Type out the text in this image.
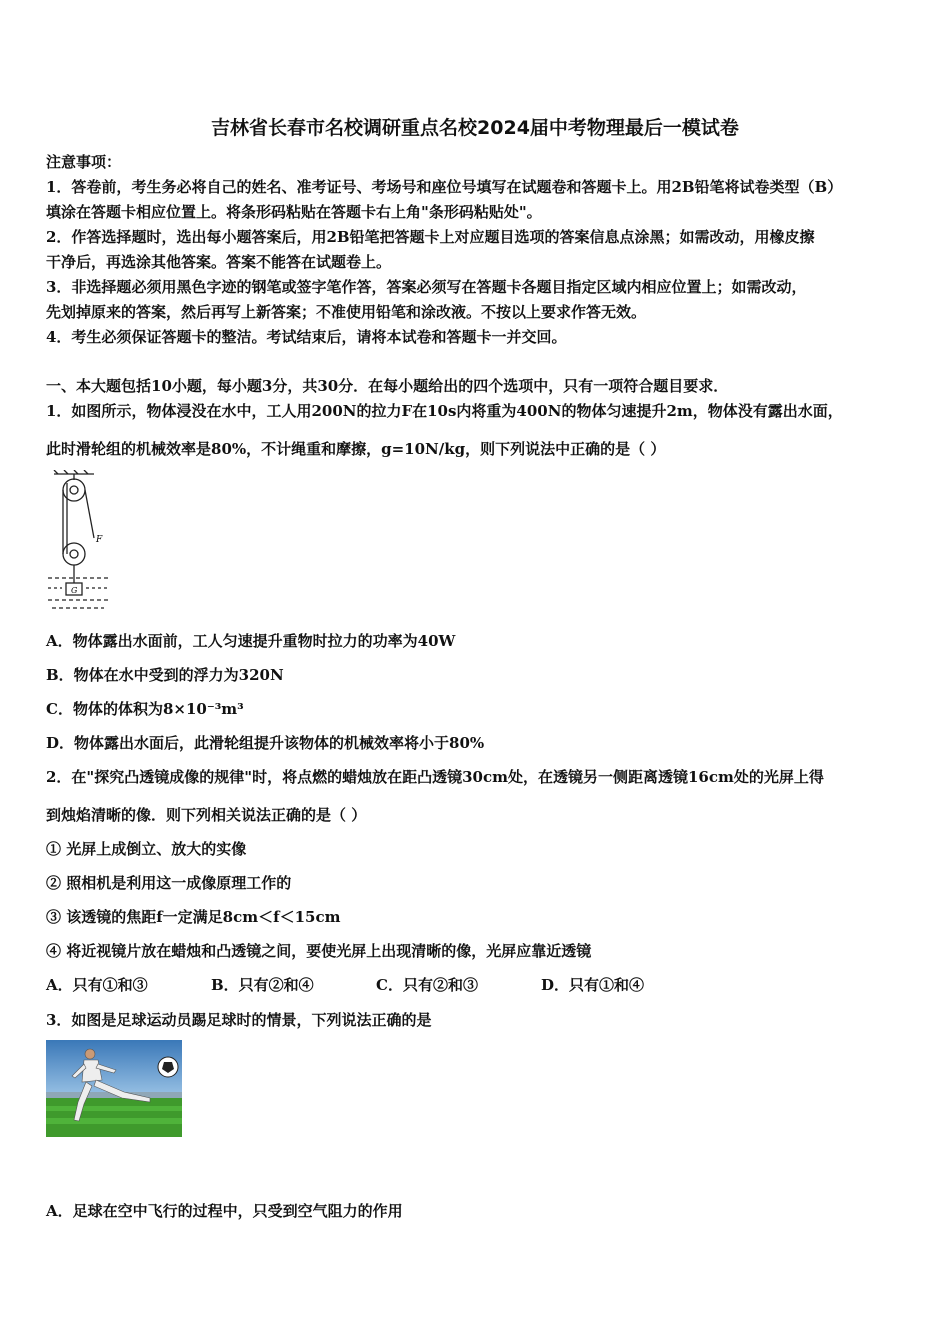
吉林省长春市名校调研重点名校2024届中考物理最后一模试卷
注意事项：
1．答卷前，考生务必将自己的姓名、准考证号、考场号和座位号填写在试题卷和答题卡上。用2B铅笔将试卷类型（B）
填涂在答题卡相应位置上。将条形码粘贴在答题卡右上角"条形码粘贴处"。
2．作答选择题时，选出每小题答案后，用2B铅笔把答题卡上对应题目选项的答案信息点涂黑；如需改动，用橡皮擦
干净后，再选涂其他答案。答案不能答在试题卷上。
3．非选择题必须用黑色字迹的钢笔或签字笔作答，答案必须写在答题卡各题目指定区域内相应位置上；如需改动，
先划掉原来的答案，然后再写上新答案；不准使用铅笔和涂改液。不按以上要求作答无效。
4．考生必须保证答题卡的整洁。考试结束后，请将本试卷和答题卡一并交回。
一、本大题包括10小题，每小题3分，共30分．在每小题给出的四个选项中，只有一项符合题目要求．
1．如图所示，物体浸没在水中，工人用200N的拉力F在10s内将重为400N的物体匀速提升2m，物体没有露出水面，
此时滑轮组的机械效率是80%，不计绳重和摩擦，g=10N/kg，则下列说法中正确的是（ ）
F
G
A．物体露出水面前，工人匀速提升重物时拉力的功率为40W
B．物体在水中受到的浮力为320N
C．物体的体积为8×10⁻³m³
D．物体露出水面后，此滑轮组提升该物体的机械效率将小于80%
2．在"探究凸透镜成像的规律"时，将点燃的蜡烛放在距凸透镜30cm处，在透镜另一侧距离透镜16cm处的光屏上得
到烛焰清晰的像．则下列相关说法正确的是（ ）
① 光屏上成倒立、放大的实像
② 照相机是利用这一成像原理工作的
③ 该透镜的焦距f一定满足8cm＜f＜15cm
④ 将近视镜片放在蜡烛和凸透镜之间，要使光屏上出现清晰的像，光屏应靠近透镜
A．只有①和③	B．只有②和④	C．只有②和③	D．只有①和④
3．如图是足球运动员踢足球时的情景，下列说法正确的是
A．足球在空中飞行的过程中，只受到空气阻力的作用
